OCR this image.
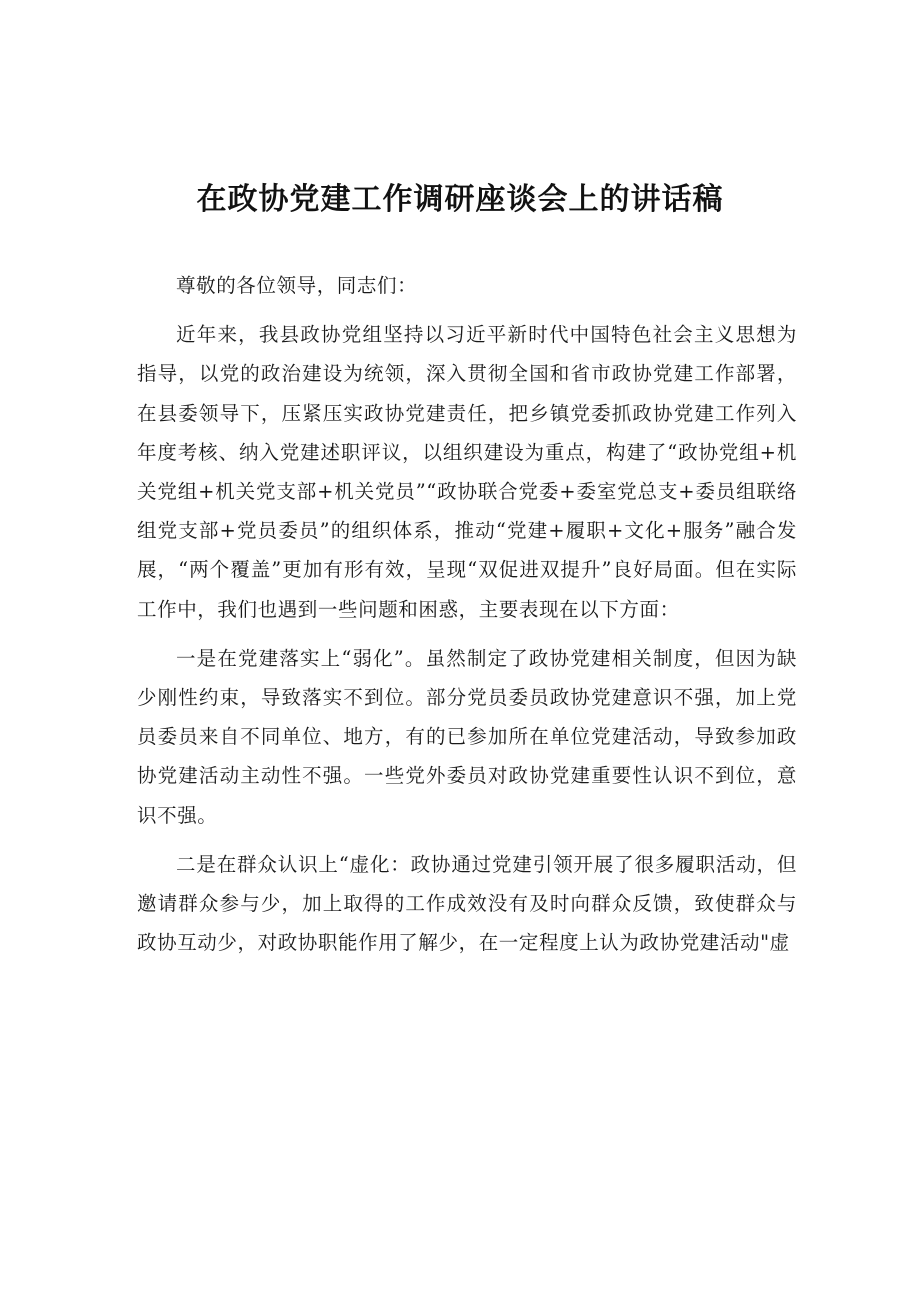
在政协党建工作调研座谈会上的讲话稿

尊敬的各位领导，同志们：

近年来，我县政协党组坚持以习近平新时代中国特色社会主义思想为指导，以党的政治建设为统领，深入贯彻全国和省市政协党建工作部署，在县委领导下，压紧压实政协党建责任，把乡镇党委抓政协党建工作列入年度考核、纳入党建述职评议，以组织建设为重点，构建了“政协党组+机关党组+机关党支部+机关党员”“政协联合党委+委室党总支+委员组联络组党支部+党员委员”的组织体系，推动“党建+履职+文化+服务”融合发展，“两个覆盖”更加有形有效，呈现“双促进双提升”良好局面。但在实际工作中，我们也遇到一些问题和困惑，主要表现在以下方面：

一是在党建落实上“弱化”。虽然制定了政协党建相关制度，但因为缺少刚性约束，导致落实不到位。部分党员委员政协党建意识不强，加上党员委员来自不同单位、地方，有的已参加所在单位党建活动，导致参加政协党建活动主动性不强。一些党外委员对政协党建重要性认识不到位，意识不强。

二是在群众认识上“虚化：政协通过党建引领开展了很多履职活动，但邀请群众参与少，加上取得的工作成效没有及时向群众反馈，致使群众与政协互动少，对政协职能作用了解少，在一定程度上认为政协党建活动"虚
